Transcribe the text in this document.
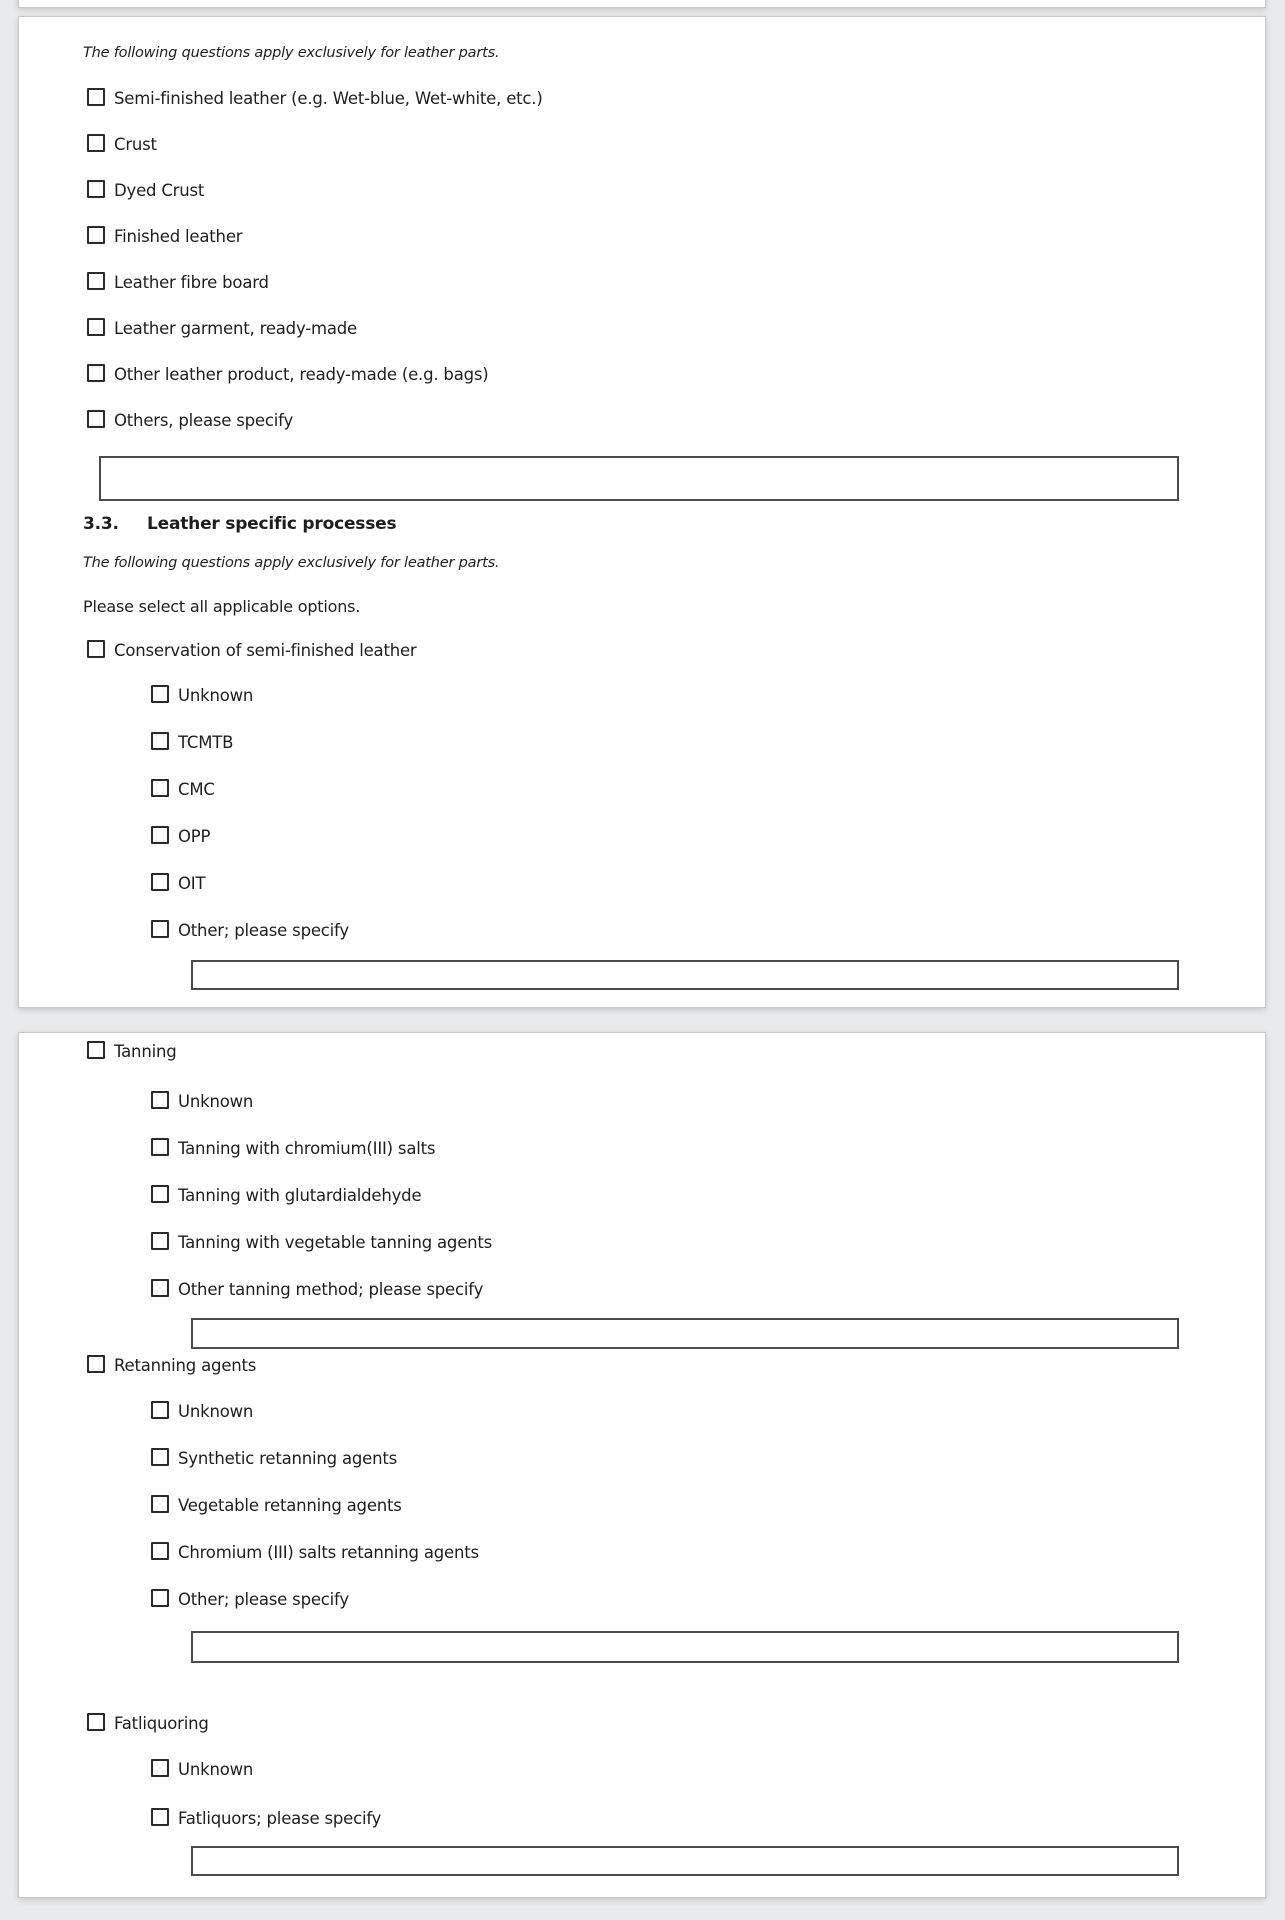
The following questions apply exclusively for leather parts.
Semi-finished leather (e.g. Wet-blue, Wet-white, etc.)
Crust
Dyed Crust
Finished leather
Leather fibre board
Leather garment, ready-made
Other leather product, ready-made (e.g. bags)
Others, please specify
3.3. Leather specific processes
The following questions apply exclusively for leather parts.
Please select all applicable options.
Conservation of semi-finished leather
Unknown
TCMTB
CMC
OPP
OIT
Other; please specify
Tanning
Unknown
Tanning with chromium(III) salts
Tanning with glutardialdehyde
Tanning with vegetable tanning agents
Other tanning method; please specify
Retanning agents
Unknown
Synthetic retanning agents
Vegetable retanning agents
Chromium (III) salts retanning agents
Other; please specify
Fatliquoring
Unknown
Fatliquors; please specify
